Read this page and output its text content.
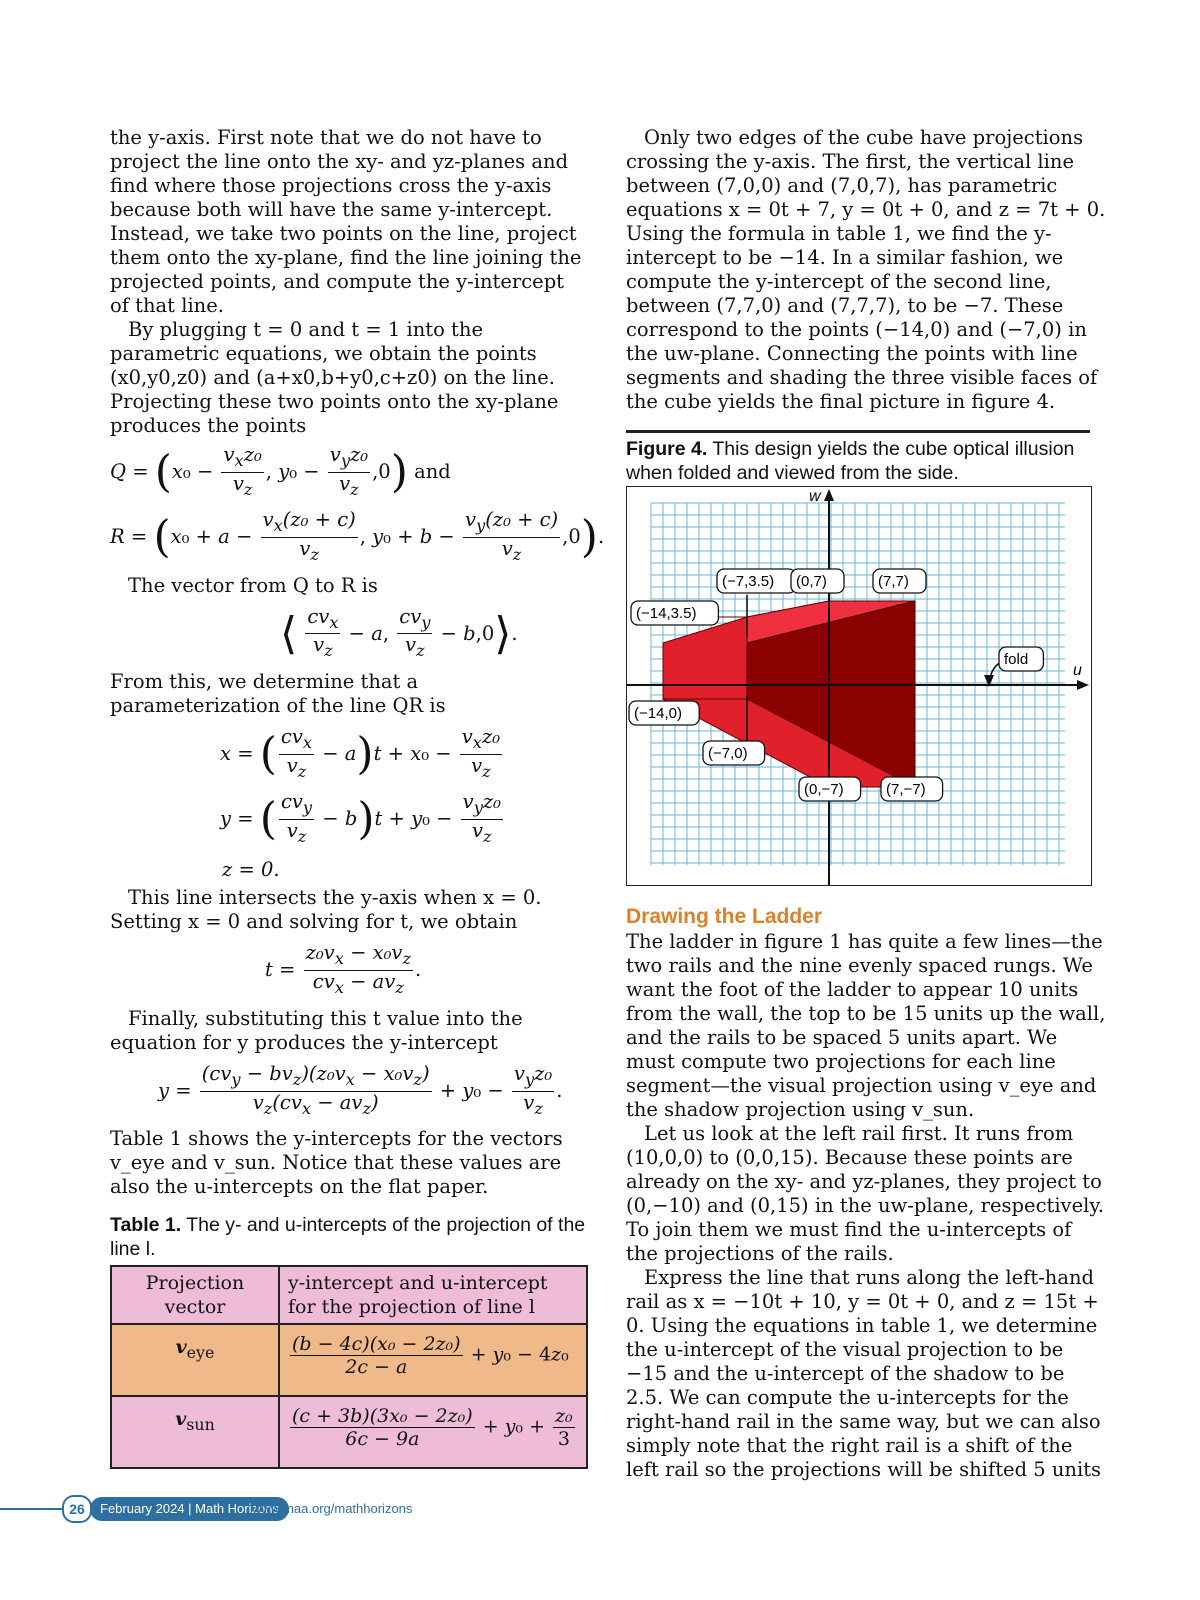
the y-axis. First note that we do not have to project the line onto the xy- and yz-planes and find where those projections cross the y-axis because both will have the same y-intercept. Instead, we take two points on the line, project them onto the xy-plane, find the line joining the projected points, and compute the y-intercept of that line.

By plugging t = 0 and t = 1 into the parametric equations, we obtain the points (x0,y0,z0) and (a+x0,b+y0,c+z0) on the line. Projecting these two points onto the xy-plane produces the points

$Q = (x_0 - \frac{v_xz_0}{v_z}$ , $y_0 - \frac{v_yz_0}{v_z} ,0$) and
$R = (x_0 + a - \frac{v_x(z_0 + c)}{v_z}$ , $y_0 + b - \frac{v_y(z_0 + c)}{v_z} ,0$).

The vector from Q to R is

⟨ $\frac{cv_x}{v_z} - a$, $\frac{cv_y}{v_z}$ − b,0⟩.

From this, we determine that a parameterization of the line QR is

x = ( $\frac{cv_x}{v_z} - a)t + x_0 - \frac{v_xz_0}{v_z}$
y = ( $\frac{cv_y}{v_z} - b)t + y_0 - \frac{v_yz_0}{v_z}$
z = 0.

This line intersects the y-axis when x = 0. Setting x = 0 and solving for t, we obtain

$t = \frac{z_0v_x - x_0v_z}{cv_x - av_z}$ .

Finally, substituting this t value into the equation for y produces the y-intercept

$y = \frac{(cv_y - bv_z)(z_0v_x - x_0v_z)}{v_z(cv_x - av_z)} + y_0 - \frac{v_yz_0}{v_z}$ .

Table 1 shows the y-intercepts for the vectors v_eye and v_sun. Notice that these values are also the u-intercepts on the flat paper.

Table 1. The y- and u-intercepts of the projection of the line l.

Projection vector	y-intercept and u-intercept for the projection of line l
$v_{eye}$	$\frac{\text{(b − 4c)(x₀ − 2z₀)}}{2c - a} + y_0 - 4z_0$
$v_{sun}$	$\frac{\text{(c + 3b)(3x₀ − 2z₀)}}{6c - 9a} + y_0 + \frac{\text{z₀}}{3}$

Only two edges of the cube have projections crossing the y-axis. The first, the vertical line between (7,0,0) and (7,0,7), has parametric equations x = 0t + 7, y = 0t + 0, and z = 7t + 0. Using the formula in table 1, we find the y-intercept to be −14. In a similar fashion, we compute the y-intercept of the second line, between (7,7,0) and (7,7,7), to be −7. These correspond to the points (−14,0) and (−7,0) in the uw-plane. Connecting the points with line segments and shading the three visible faces of the cube yields the final picture in figure 4.

Figure 4. This design yields the cube optical illusion when folded and viewed from the side.

w
u
(−7,3.5) (0,7)	(7,7)
(−14,3.5)
(−14,0)
(−7,0)
(0,−7)	(7,−7)
fold
Drawing the Ladder

The ladder in figure 1 has quite a few lines—the two rails and the nine evenly spaced rungs. We want the foot of the ladder to appear 10 units from the wall, the top to be 15 units up the wall, and the rails to be spaced 5 units apart. We must compute two projections for each line segment—the visual projection using v_eye and the shadow projection using v_sun.

Let us look at the left rail first. It runs from (10,0,0) to (0,0,15). Because these points are already on the xy- and yz-planes, they project to (0,−10) and (0,15) in the uw-plane, respectively. To join them we must find the u-intercepts of the projections of the rails.

Express the line that runs along the left-hand rail as x = −10t + 10, y = 0t + 0, and z = 15t + 0. Using the equations in table 1, we determine the u-intercept of the visual projection to be −15 and the u-intercept of the shadow to be 2.5. We can compute the u-intercepts for the right-hand rail in the same way, but we can also simply note that the right rail is a shift of the left rail so the projections will be shifted 5 units

26	February 2024 | Math Horizons
www.maa.org/mathhorizons
